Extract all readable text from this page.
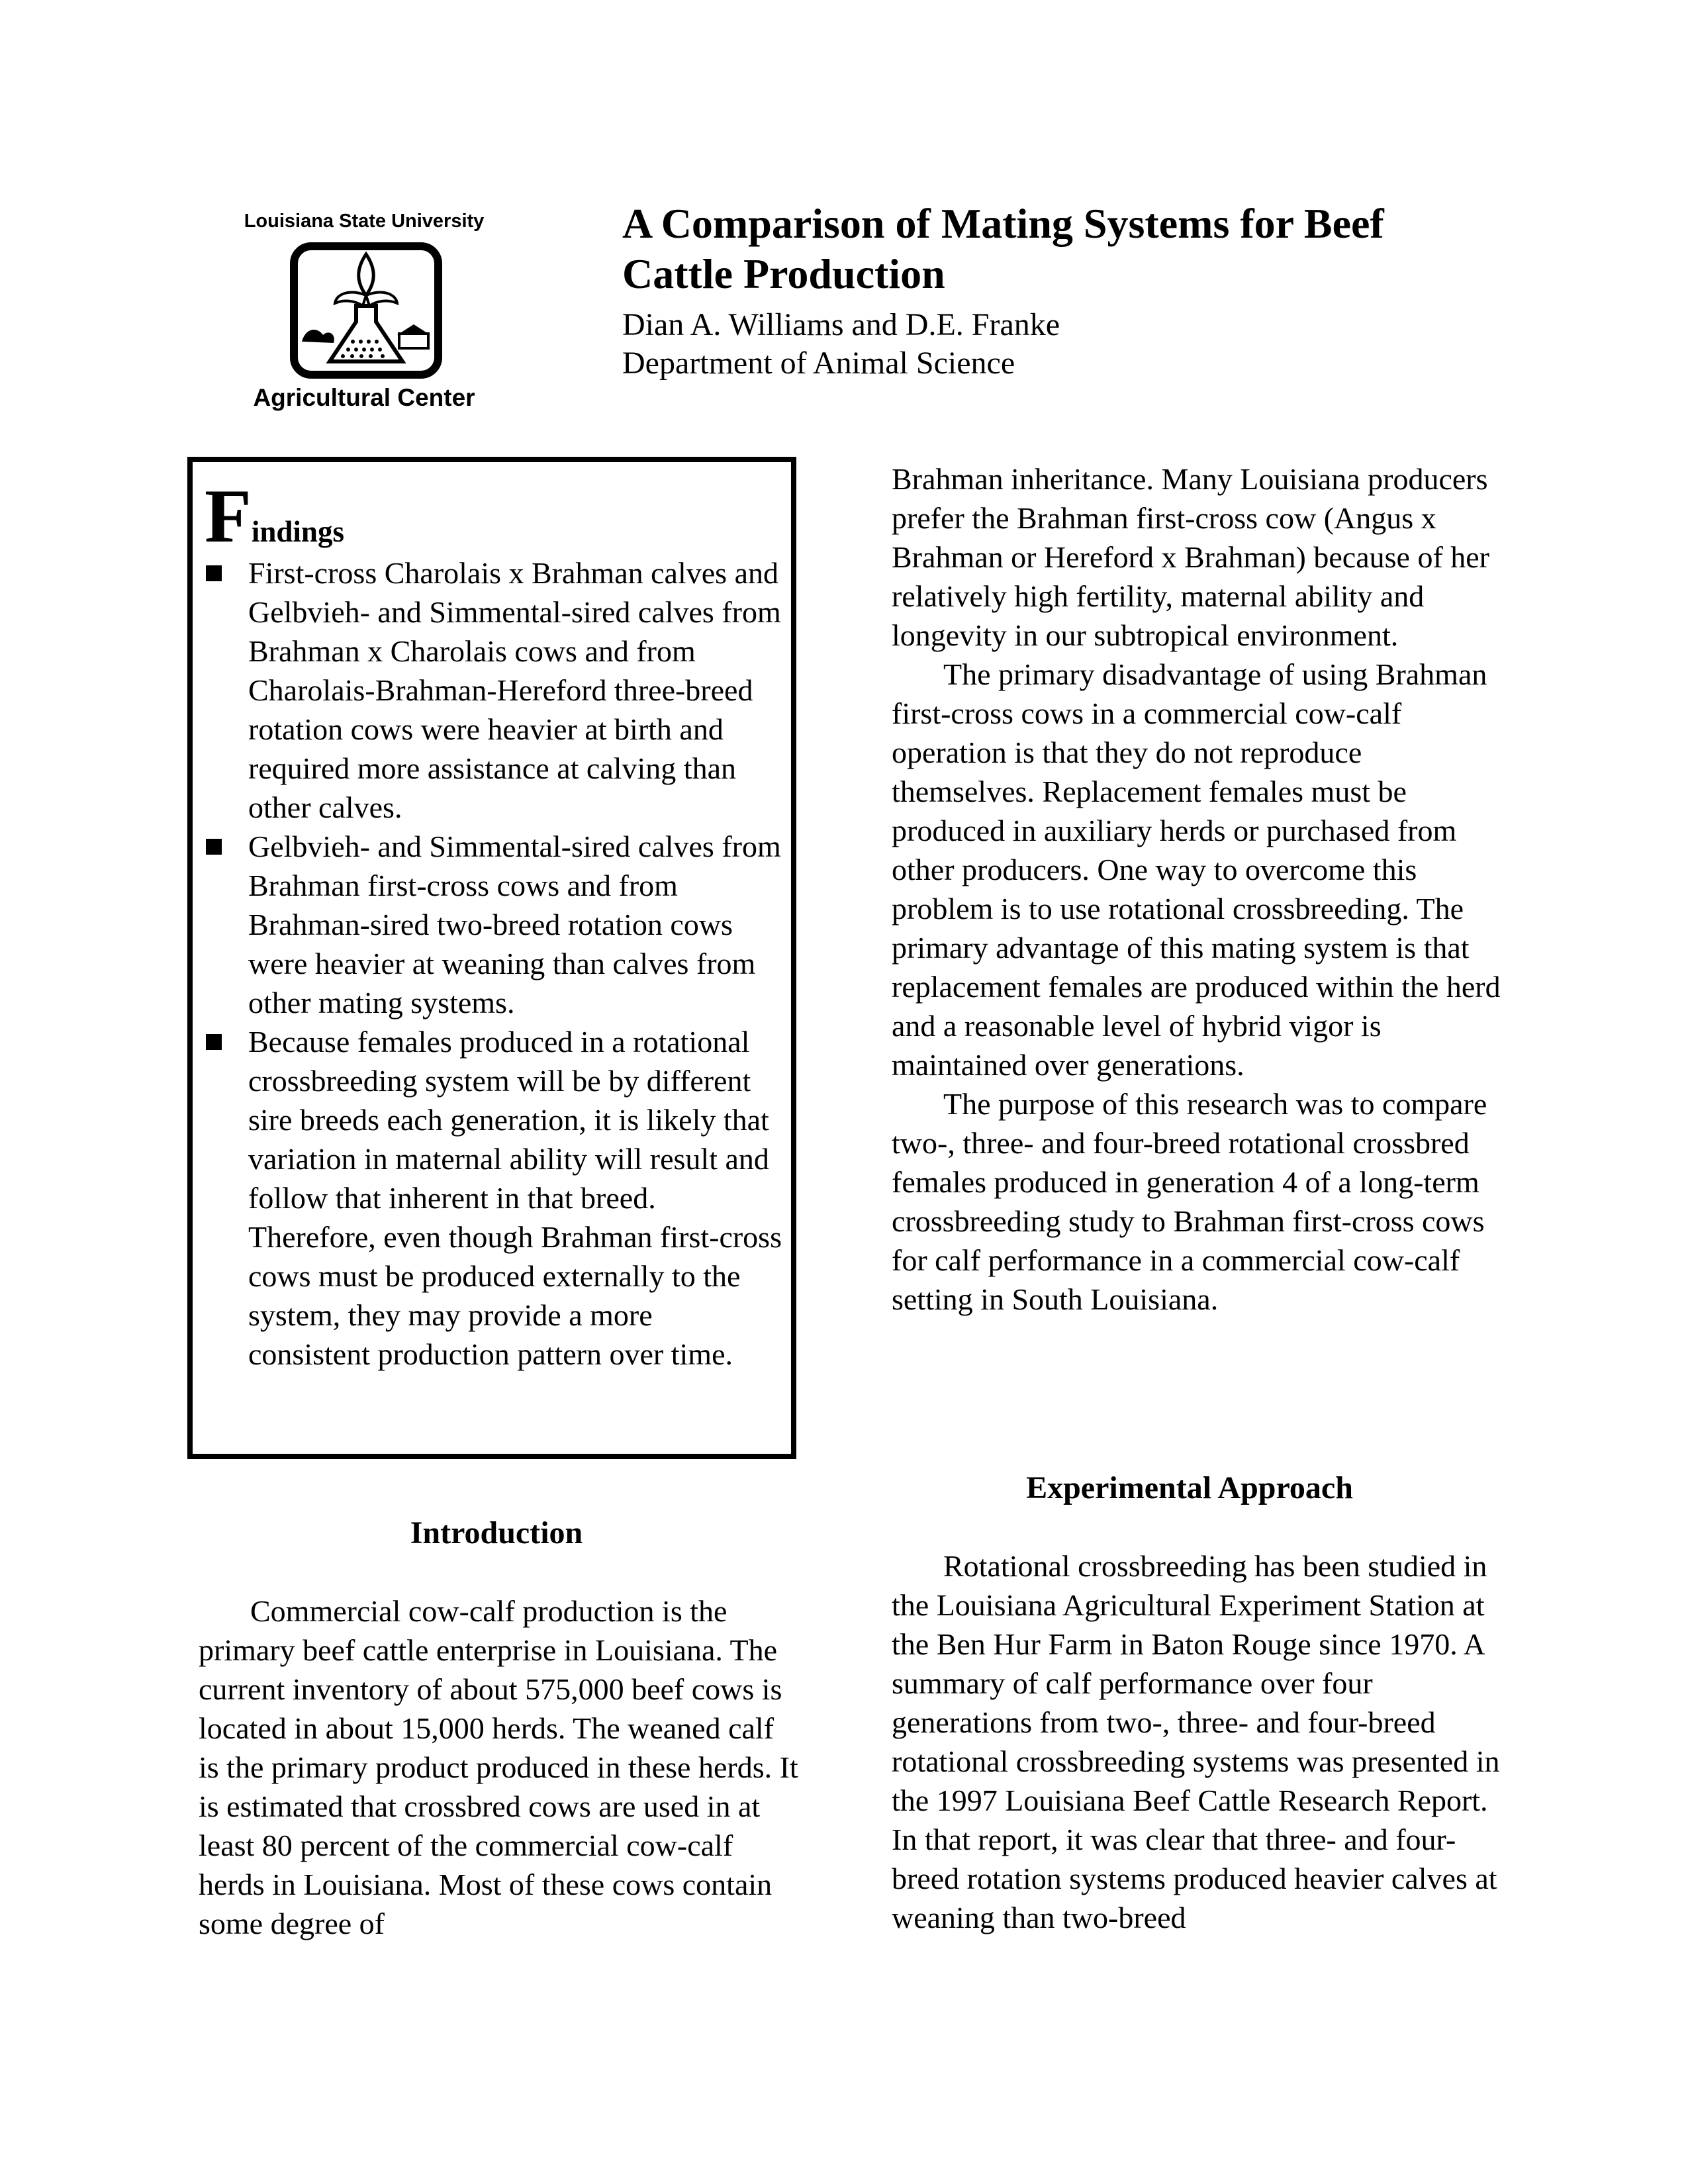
Louisiana State University
Agricultural Center
A Comparison of Mating Systems for Beef Cattle Production
Dian A. Williams and D.E. Franke
Department of Animal Science
Findings
First-cross Charolais x Brahman calves and Gelbvieh- and Simmental-sired calves from Brahman x Charolais cows and from Charolais-Brahman-Hereford three-breed rotation cows were heavier at birth and required more assistance at calving than other calves.
Gelbvieh- and Simmental-sired calves from Brahman first-cross cows and from Brahman-sired two-breed rotation cows were heavier at weaning than calves from other mating systems.
Because females produced in a rotational crossbreeding system will be by different sire breeds each generation, it is likely that variation in maternal ability will result and follow that inherent in that breed. Therefore, even though Brahman first-cross cows must be produced externally to the system, they may provide a more consistent production pattern over time.
Introduction

Commercial cow-calf production is the primary beef cattle enterprise in Louisiana. The current inventory of about 575,000 beef cows is located in about 15,000 herds. The weaned calf is the primary product produced in these herds. It is estimated that crossbred cows are used in at least 80 percent of the commercial cow-calf herds in Louisiana. Most of these cows contain some degree of

Brahman inheritance. Many Louisiana producers prefer the Brahman first-cross cow (Angus x Brahman or Hereford x Brahman) because of her relatively high fertility, maternal ability and longevity in our subtropical environment.

The primary disadvantage of using Brahman first-cross cows in a commercial cow-calf operation is that they do not reproduce themselves. Replacement females must be produced in auxiliary herds or purchased from other producers. One way to overcome this problem is to use rotational crossbreeding. The primary advantage of this mating system is that replacement females are produced within the herd and a reasonable level of hybrid vigor is maintained over generations.

The purpose of this research was to compare two-, three- and four-breed rotational crossbred females produced in generation 4 of a long-term crossbreeding study to Brahman first-cross cows for calf performance in a commercial cow-calf setting in South Louisiana.

Experimental Approach

Rotational crossbreeding has been studied in the Louisiana Agricultural Experiment Station at the Ben Hur Farm in Baton Rouge since 1970. A summary of calf performance over four generations from two-, three- and four-breed rotational crossbreeding systems was presented in the 1997 Louisiana Beef Cattle Research Report. In that report, it was clear that three- and four-breed rotation systems produced heavier calves at weaning than two-breed
